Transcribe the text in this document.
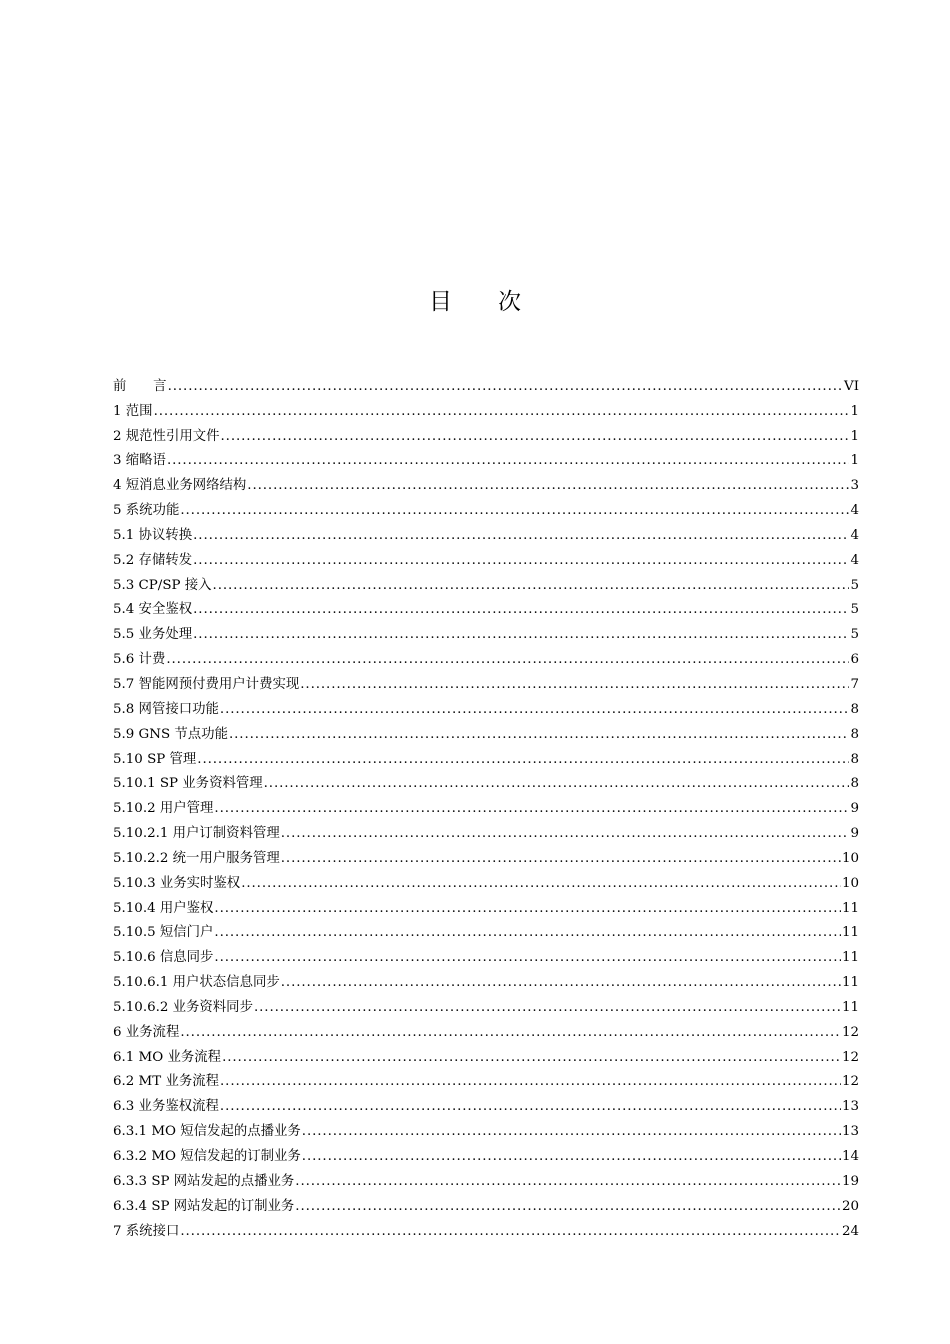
目　　次
前　　言 .....	VI
1 范围 .....	1
2 规范性引用文件 .....	1
3 缩略语 .....	1
4 短消息业务网络结构 .....	3
5 系统功能 .....	4
5.1 协议转换 .....	4
5.2 存储转发 .....	4
5.3 CP/SP 接入 .....	5
5.4 安全鉴权 .....	5
5.5 业务处理 .....	5
5.6 计费 .....	6
5.7 智能网预付费用户计费实现 .....	7
5.8 网管接口功能 .....	8
5.9 GNS 节点功能 .....	8
5.10 SP 管理 .....	8
5.10.1 SP 业务资料管理 .....	8
5.10.2 用户管理 .....	9
5.10.2.1 用户订制资料管理 .....	9
5.10.2.2 统一用户服务管理 .....	10
5.10.3 业务实时鉴权 .....	10
5.10.4 用户鉴权 .....	11
5.10.5 短信门户 .....	11
5.10.6 信息同步 .....	11
5.10.6.1 用户状态信息同步 .....	11
5.10.6.2 业务资料同步 .....	11
6 业务流程 .....	12
6.1 MO 业务流程 .....	12
6.2 MT 业务流程 .....	12
6.3 业务鉴权流程 .....	13
6.3.1 MO 短信发起的点播业务 .....	13
6.3.2 MO 短信发起的订制业务 .....	14
6.3.3 SP 网站发起的点播业务 .....	19
6.3.4 SP 网站发起的订制业务 .....	20
7 系统接口 .....	24
